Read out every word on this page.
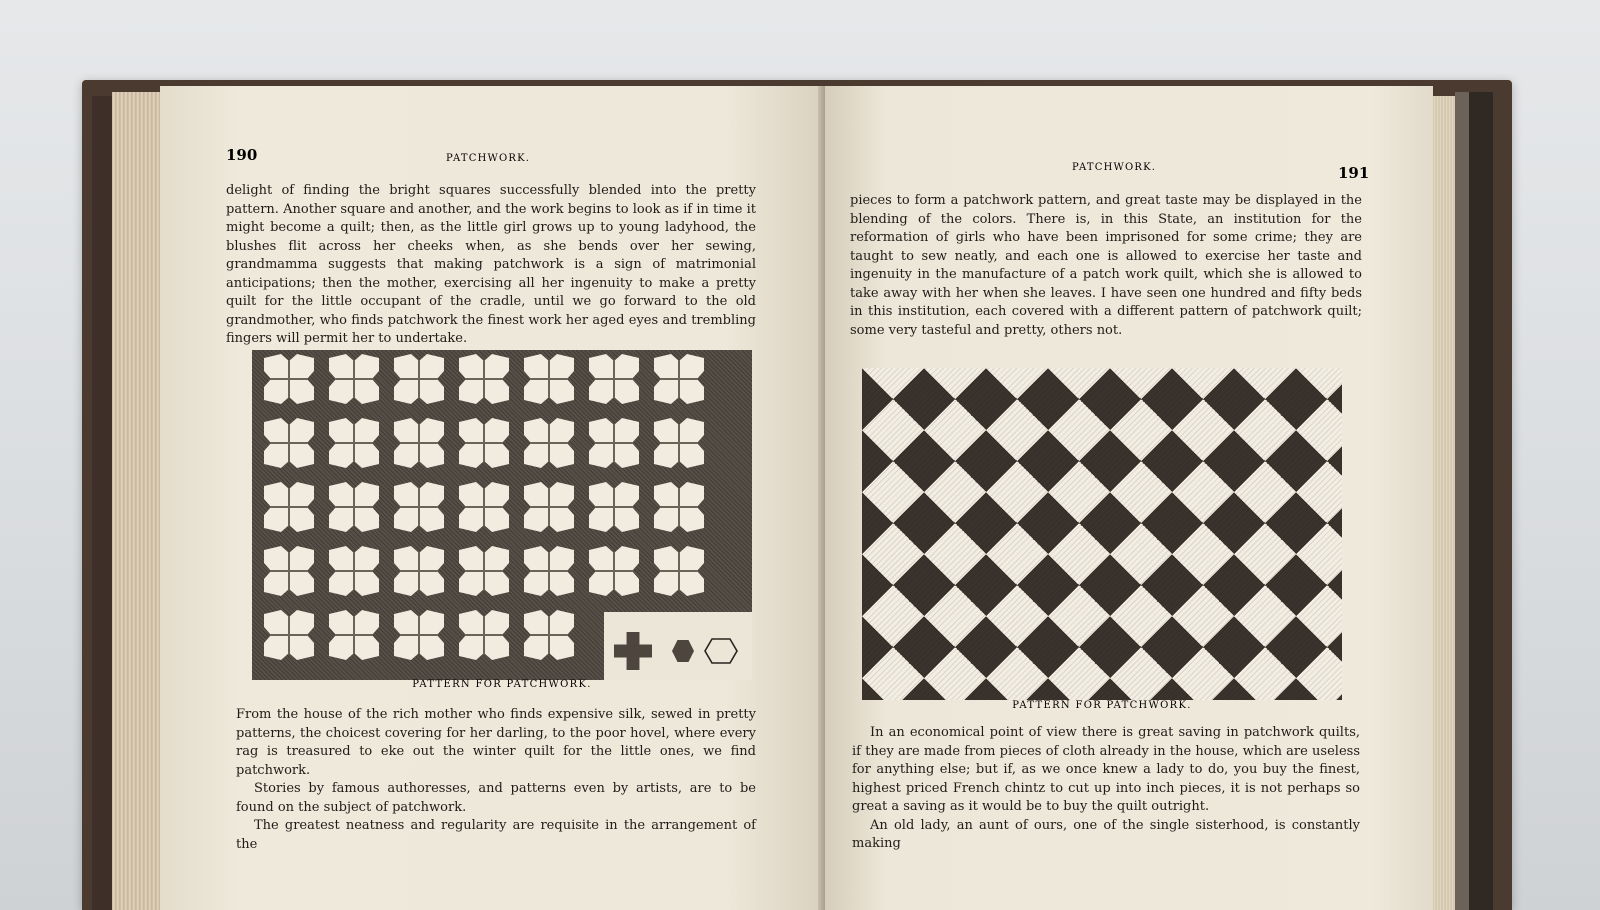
190	PATCHWORK.

delight of finding the bright squares successfully blended into the pretty pattern. Another square and another, and the work begins to look as if in time it might become a quilt; then, as the little girl grows up to young ladyhood, the blushes flit across her cheeks when, as she bends over her sewing, grandmamma suggests that making patchwork is a sign of matrimonial anticipations; then the mother, exercising all her ingenuity to make a pretty quilt for the little occupant of the cradle, until we go forward to the old grandmother, who finds patchwork the finest work her aged eyes and trembling fingers will permit her to undertake.

PATTERN FOR PATCHWORK.

From the house of the rich mother who finds expensive silk, sewed in pretty patterns, the choicest covering for her darling, to the poor hovel, where every rag is treasured to eke out the winter quilt for the little ones, we find patchwork.

Stories by famous authoresses, and patterns even by artists, are to be found on the subject of patchwork.

The greatest neatness and regularity are requisite in the arrangement of the

PATCHWORK.	191

pieces to form a patchwork pattern, and great taste may be displayed in the blending of the colors. There is, in this State, an institution for the reformation of girls who have been imprisoned for some crime; they are taught to sew neatly, and each one is allowed to exercise her taste and ingenuity in the manufacture of a patch work quilt, which she is allowed to take away with her when she leaves. I have seen one hundred and fifty beds in this institution, each covered with a different pattern of patchwork quilt; some very tasteful and pretty, others not.

PATTERN FOR PATCHWORK.

In an economical point of view there is great saving in patchwork quilts, if they are made from pieces of cloth already in the house, which are useless for anything else; but if, as we once knew a lady to do, you buy the finest, highest priced French chintz to cut up into inch pieces, it is not perhaps so great a saving as it would be to buy the quilt outright.

An old lady, an aunt of ours, one of the single sisterhood, is constantly making
